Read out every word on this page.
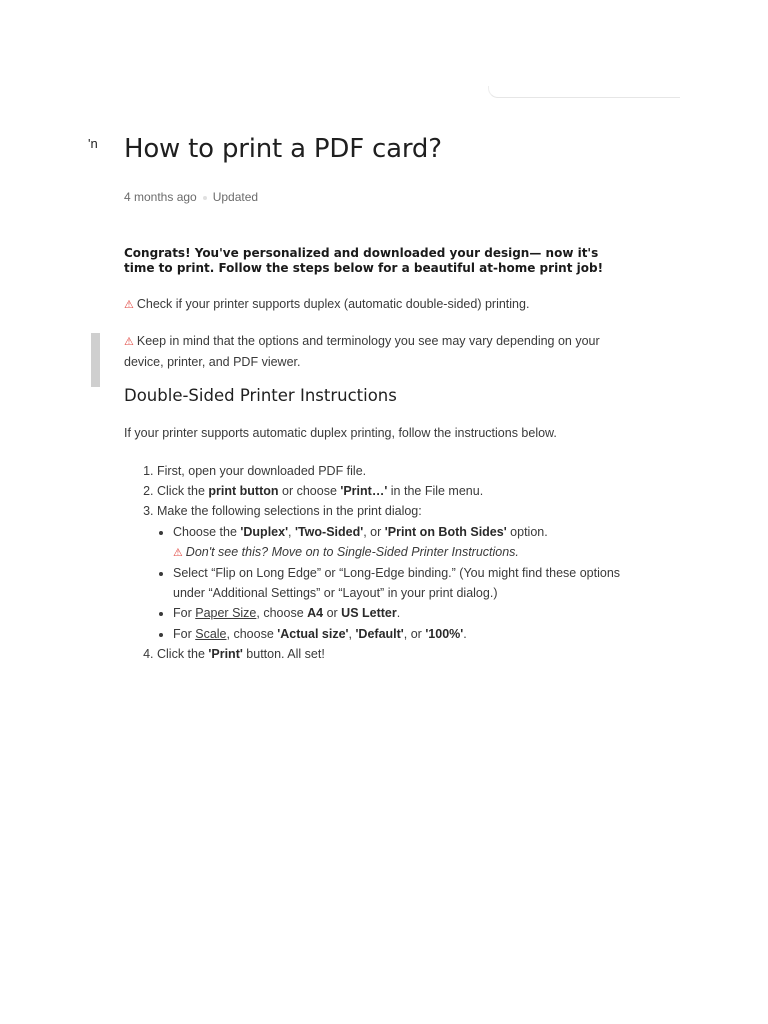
'n How to print a PDF card?
4 months ago Updated
Congrats! You've personalized and downloaded your design— now it's time to print. Follow the steps below for a beautiful at-home print job!
⚠ Check if your printer supports duplex (automatic double-sided) printing.
⚠ Keep in mind that the options and terminology you see may vary depending on your device, printer, and PDF viewer.
Double-Sided Printer Instructions
If your printer supports automatic duplex printing, follow the instructions below.
1. First, open your downloaded PDF file.
2. Click the print button or choose 'Print…' in the File menu.
3. Make the following selections in the print dialog:
• Choose the 'Duplex', 'Two-Sided', or 'Print on Both Sides' option.
⚠ Don't see this? Move on to Single-Sided Printer Instructions.
• Select “Flip on Long Edge” or “Long-Edge binding.” (You might find these options under “Additional Settings” or “Layout” in your print dialog.)
• For Paper Size, choose A4 or US Letter.
• For Scale, choose 'Actual size', 'Default', or '100%'.
4. Click the 'Print' button. All set!
